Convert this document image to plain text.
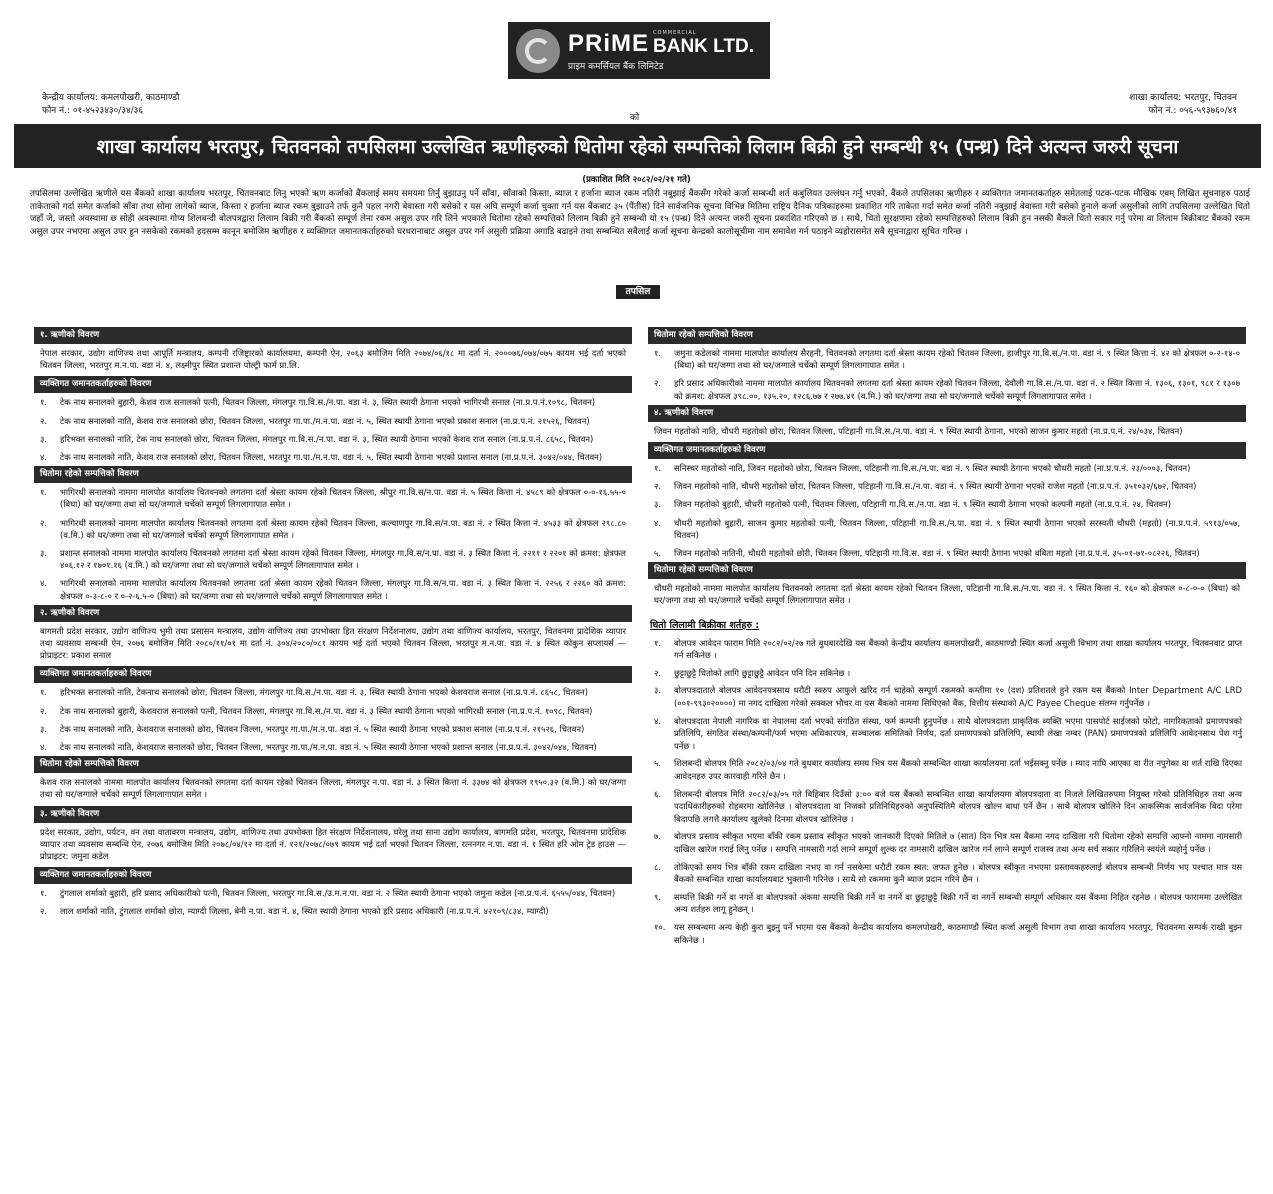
PRiME COMMERCIAL
BANK LTD.
प्राइम कमर्सियल बैंक लिमिटेड
केन्द्रीय कार्यालय: कमलपोखरी, काठमाण्डौ
फोन नं.: ०१-४५२३४३०/३४/३६
शाखा कार्यालय: भरतपुर, चितवन
फोन नं.: ०५६-५९३७६०/४१
को
शाखा कार्यालय भरतपुर, चितवनको तपसिलमा उल्लेखित ऋणीहरुको धितोमा रहेको सम्पत्तिको लिलाम बिक्री हुने सम्बन्धी १५ (पन्ध्र) दिने अत्यन्त जरुरी सूचना
(प्रकाशित मिति २०८२/०२/२१ गते)
तपसिलमा उल्लेखित ऋणीले यस बैंकको शाखा कार्यालय भरतपुर, चितवनबाट लिनु भएको ऋण कर्जाको बैंकलाई समय समयमा तिर्नु बुझाउनु पर्ने साँवा, साँवाको किस्ता, ब्याज र हर्जाना ब्याज रकम नतिरी नबुझाई बैंकसँग गरेको कर्जा सम्बन्धी शर्त कबुलियत उल्लंघन गर्नु भएको, बैंकले तपसिलका ऋणीहरु र व्यक्तिगत जमानतकर्ताहरु समेतलाई पटक-पटक मौखिक एवम् लिखित सूचनाहरु पठाई ताकेताको गर्दा समेत कर्जाको साँवा तथा सोमा लागेको ब्याज, किस्ता र हर्जाना ब्याज रकम बुझाउने तर्फ कुनै पहल नगरी बेवास्ता गरी बसेको र यस अघि सम्पूर्ण कर्जा चुक्ता गर्न यस बैंकबाट ३५ (पैंतीस) दिने सार्वजनिक सूचना विभिन्न मितिमा राष्ट्रिय दैनिक पत्रिकाहरुमा प्रकाशित गरि ताकेता गर्दा समेत कर्जा नतिरी नबुझाई बेवास्ता गरी बसेको हुनाले कर्जा असुलीको लागि तपसिलमा उल्लेखित धितो जहाँ जे, जस्तो अवस्थामा छ सोही अवस्थामा गोप्य शिलबन्दी बोलपत्रद्वारा लिलाम बिक्री गरी बैंकको सम्पूर्ण लेना रकम असुल उपर गरि लिने भएकाले धितोमा रहेको सम्पत्तिको लिलाम बिक्री हुने सम्बन्धी यो १५ (पन्ध्र) दिने अत्यन्त जरुरी सूचना प्रकाशित गरिएको छ । साथै, धितो सुरक्षणमा रहेको सम्पत्तिहरुको लिलाम बिक्री हुन नसकी बैंकले धितो सकार गर्नु परेमा वा लिलाम बिक्रीबाट बैंकको रकम असुल उपर नभएमा असुल उपर हुन नसकेको रकमको हदसम्म कानून बमोजिम ऋणीहरु र व्यक्तिगत जमानतकर्ताहरुको घरधरानाबाट असुल उपर गर्न असुली प्रक्रिया अगाडि बढाइने तथा सम्बन्धित सबैलाई कर्जा सूचना केन्द्रको कालोसूचीमा नाम समावेश गर्न पठाइने व्यहोरासमेत सबै सूचनाद्वारा सूचित गरिन्छ ।
तपसिल
१. ऋणीको विवरण
नेपाल सरकार, उद्योग वाणिज्य तथा आपूर्ति मन्त्रालय, कम्पनी रजिष्ट्रारको कार्यालयमा, कम्पनी ऐन, २०६३ बमोजिम मिति २०७४/०६/१८ मा दर्ता नं. २०००७६/०७४/०७५ कायम भई दर्ता भएको चितवन जिल्ला, भरतपुर म.न.पा. वडा नं. ४, लक्ष्मीपुर स्थित प्रशान्त पोल्ट्री फार्म प्रा.लि.
व्यक्तिगत जमानतकर्ताहरुको विवरण
१. टेक नाथ सनालको बुहारी, केशव राज सनालको पत्नी, चितवन जिल्ला, मंगलपुर गा.वि.स./न.पा. वडा नं. ३, स्थित स्थायी ठेगाना भएको भागिरथी सनाल (ना.प्र.प.नं.१०९८, चितवन)
२. टेक नाथ सनालको नाति, केशव राज सनालको छोरा, चितवन जिल्ला, भरतपुर गा.पा./म.न.पा. वडा नं. ५, स्थित स्थायी ठेगाना भएको प्रकाश सनाल (ना.प्र.प.नं. २१५२६, चितवन)
३. हरिभक्त सनालको नाति, टेक नाथ सनालको छोरा, चितवन जिल्ला, मंगलपुर गा.वि.स./न.पा. वडा नं. ३, स्थित स्थायी ठेगाना भएको केशव राज सनाल (ना.प्र.प.नं. ८६५८, चितवन)
४. टेक नाथ सनालको नाति, केशव राज सनालको छोरा, चितवन जिल्ला, भरतपुर गा.पा./म.न.पा. वडा नं. ५, स्थित स्थायी ठेगाना भएको प्रशान्त सनाल (ना.प्र.प.नं. ३०४२/०४४, चितवन)
धितोमा रहेको सम्पत्तिको विवरण
१. भागिरथी सनालको नाममा मालपोत कार्यालय चितवनको लगतमा दर्ता श्रेस्ता कायम रहेको चितवन जिल्ला, श्रीपुर गा.वि.स/न.पा. वडा नं. ५ स्थित कित्ता नं. ४५८९ को क्षेत्रफल ०-०-१६.५५-० (बिघा) को घर/जग्गा तथा सो घर/जग्गाले चर्चेको सम्पूर्ण लिगलागापात समेत ।
२. भागिरथी सनालको नाममा मालपोत कार्यालय चितवनको लगतमा दर्ता श्रेस्ता कायम रहेको चितवन जिल्ला, कल्याणपुर गा.वि.स/न.पा. वडा नं. २ स्थित कित्ता नं. ४५३३ को क्षेत्रफल २९८.८० (व.मि.) को घर/जग्गा तथा सो घर/जग्गाले चर्चेको सम्पूर्ण लिगलागापात समेत ।
३. प्रशान्त सनालको नाममा मालपोत कार्यालय चितवनको लगतमा दर्ता श्रेस्ता कायम रहेको चितवन जिल्ला, मंगलपुर गा.वि.स/न.पा. वडा नं. ३ स्थित कित्ता नं. २२११ र २२०१ को क्रमश: क्षेत्रफल ४०६.१२ र १७०१.१६ (व.मि.) को घर/जग्गा तथा सो घर/जग्गाले चर्चेको सम्पूर्ण लिगलागापात समेत ।
४. भागिरथी सनालको नाममा मालपोत कार्यालय चितवनको लगतमा दर्ता श्रेस्ता कायम रहेको चितवन जिल्ला, मंगलपुर गा.वि.स/न.पा. वडा नं. ३ स्थित कित्ता नं. २२५६ र २२६० को क्रमश: क्षेत्रफल ०-३-८-० र ०-२-६.५-० (बिघा) को घर/जग्गा तथा सो घर/जग्गाले चर्चेको सम्पूर्ण लिगलागापात समेत ।
२. ऋणीको विवरण
बागमती प्रदेश सरकार, उद्योग वाणिज्य भुमी तथा प्रसासन मन्त्रालय, उद्योग वाणिज्य तथा उपभोक्ता हित संरक्षण निर्देशनालय, उद्योग तथा वाणिज्य कार्यालय, भरतपुर, चितवनमा प्रादेशिक व्यापार तथा व्यवसाय सम्बन्धी ऐन, २०७६ बमोजिम मिति २०८०/११/०१ मा दर्ता नं. ३०४/२०८०/०८१ कायम भई दर्ता भएको चितवन जिल्ला, भरतपुर म.न.पा. वडा नं. ४ स्थित कोकुन सप्लायर्स — प्रोप्राइटर: प्रकाश सनाल
व्यक्तिगत जमानतकर्ताहरुको विवरण
१. हरिभक्त सनालको नाति, टेकनाथ सनालको छोरा, चितवन जिल्ला, मंगलपुर गा.वि.स./न.पा. वडा नं. ३, स्थित स्थायी ठेगाना भएको केशवराज सनाल (ना.प्र.प.नं. ८६५८, चितवन)
२. टेक नाथ सनालको बुहारी, केशवराज सनालको पत्नी, चितवन जिल्ला, मंगलपुर गा.वि.स./न.पा. वडा नं. ३ स्थित स्थायी ठेगाना भएको भागिरथी सनाल (ना.प्र.प.नं. १०९८, चितवन)
३. टेक नाथ सनालको नाति, केशवराज सनालको छोरा, चितवन जिल्ला, भरतपुर गा.पा./म.न.पा. वडा नं. ५ स्थित स्थायी ठेगाना भएको प्रकाश सनाल (ना.प्र.प.नं. २१५२६, चितवन)
४. टेक नाथ सनालको नाति, केशवराज सनालको छोरा, चितवन जिल्ला, भरतपुर गा.पा./म.न.पा. वडा नं. ५ स्थित स्थायी ठेगाना भएको प्रशान्त सनाल (ना.प्र.प.नं. ३०४२/०४४, चितवन)
धितोमा रहेको सम्पत्तिको विवरण
केशव राज सनालको नाममा मालपोत कार्यालय चितवनको लगतमा दर्ता कायम रहेको चितवन जिल्ला, मंगलपुर न.पा. वडा नं. ३ स्थित कित्ता नं. ३३७४ को क्षेत्रफल १९५०.३२ (व.मि.) को घर/जग्गा तथा सो घर/जग्गाले चर्चेको सम्पूर्ण लिगलागापात समेत ।
३. ऋणीको विवरण
प्रदेश सरकार, उद्योग, पर्यटन, वन तथा वातावरण मन्त्रालय, उद्योग, वाणिज्य तथा उपभोक्ता हित संरक्षण निर्देशनालय, घरेलु तथा साना उद्योग कार्यालय, बागमति प्रदेश, भरतपुर, चितवनमा प्रादेशिक व्यापार तथा व्यवसाय सम्बन्धि ऐन, २०७६ बमोजिम मिति २०७८/०४/१२ मा दर्ता नं. १२१/२०७८/०७९ कायम भई दर्ता भएको चितवन जिल्ला, रत्ननगर न.पा. वडा नं. १ स्थित हरि ओम ट्रेड हाउस — प्रोप्राइटर: जमुना कडेल
व्यक्तिगत जमानतकर्ताहरुको विवरण
१. टुंगलाल शर्माको बुहारी, हरि प्रसाद अधिकारीको पत्नी, चितवन जिल्ला, भरतपुर गा.वि.स./उ.म.न.पा. वडा नं. २ स्थित स्थायी ठेगाना भएको जमुना कडेल (ना.प्र.प.नं. ६५५५/०४४, चितवन)
२. लाल शर्माको नाति, टुंगलाल शर्माको छोरा, म्याग्दी जिल्ला, बेनी न.पा. वडा नं. ४, स्थित स्थायी ठेगाना भएको हरि प्रसाद अधिकारी (ना.प्र.प.नं. ४२१०९/८३४, म्याग्दी)
धितोमा रहेको सम्पत्तिको विवरण
१. जमुना कडेलको नाममा मालपोत कार्यालय सैरहनी, चितवनको लगतमा दर्ता श्रेस्ता कायम रहेको चितवन जिल्ला, हाजीपुर गा.वि.स./न.पा. वडा नं. ९ स्थित कित्ता नं. ४२ को क्षेत्रफल ०-२-१४-० (बिघा) को घर/जग्गा तथा सो घर/जग्गाले चर्चेको सम्पूर्ण लिगलागापात समेत ।
२. हरि प्रसाद अधिकारीको नाममा मालपोत कार्यालय चितवनको लगतमा दर्ता श्रेस्ता कायम रहेको चितवन जिल्ला, देवौली गा.वि.स./न.पा. वडा नं. २ स्थित कित्ता नं. १३०६, १३०१, ९८१ र १३०७ को क्रमश: क्षेत्रफल ३९८.००, १३५.२०, १२८६.७७ र २७७.४१ (व.मि.) को घर/जग्गा तथा सो घर/जग्गाले चर्चेको सम्पूर्ण लिगलागापात समेत ।
४. ऋणीको विवरण
जिवन महतोको नाति, चौधरी महतोको छोरा, चितवन जिल्ला, पटिहानी गा.वि.स./न.पा. वडा नं. ९ स्थित स्थायी ठेगाना, भएको साजन कुमार महतो (ना.प्र.प.नं. २४/०३४, चितवन)
व्यक्तिगत जमानतकर्ताहरुको विवरण
१. सनिस्चर महतोको नाति, जिवन महतोको छोरा, चितवन जिल्ला, पटिहानी गा.वि.स./न.पा. वडा नं. ९ स्थित स्थायी ठेगाना भएको चौधरी महतो (ना.प्र.प.नं. २३/०००३, चितवन)
२. जिवन महतोको नाति, चौधरी महतोको छोरा, चितवन जिल्ला, पटिहानी गा.वि.स./न.पा. वडा नं. ९ स्थित स्थायी ठेगाना भएको राजेश महतो (ना.प्र.प.नं. ३५१०३२/६७२, चितवन)
३. जिवन महतोको बुहारी, चौधरी महतोको पत्नी, चितवन जिल्ला, पटिहानी गा.वि.स./न.पा. वडा नं. ९ स्थित स्थायी ठेगाना भएको कल्पनी महतो (ना.प्र.प.नं. २४, चितवन)
४. चौधरी महतोको बुहारी, साजन कुमार महतोको पत्नी, चितवन जिल्ला, पटिहानी गा.वि.स./न.पा. वडा नं. ९ स्थित स्थायी ठेगाना भएको सरस्वती चौधरी (महतो) (ना.प्र.प.नं. ५९१३/०५७, चितवन)
५. जिवन महतोको नातिनी, चौधरी महतोको छोरी, चितवन जिल्ला, पटिहानी गा.वि.स. वडा नं. ९ स्थित स्थायी ठेगाना भएको बबिता महतो (ना.प्र.प.नं. ३५-०१-७१-०८२२६, चितवन)
धितोमा रहेको सम्पत्तिको विवरण
चौधरी महतोको नाममा मालपोत कार्यालय चितवनको लगतमा दर्ता श्रेस्ता कायम रहेको चितवन जिल्ला, पटिहानी गा.वि.स./न.पा. वडा नं. ९ स्थित कित्ता नं. १६० को क्षेत्रफल ०-८-०-० (बिघा) को घर/जग्गा तथा सो घर/जग्गाले चर्चेको सम्पूर्ण लिगलागापात समेत ।
धितो लिलामी बिक्रीका शर्तहरु :
१. बोलपत्र आवेदन फाराम मिति २०८२/०२/२७ गते बुधबारदेखि यस बैंकको केन्द्रीय कार्यालय कमलपोखरी, काठमाण्डौ स्थित कर्जा असुली विभाग तथा शाखा कार्यालय भरतपुर, चितवनबाट प्राप्त गर्न सकिनेछ ।
२. छुट्टाछुट्टै धितोको लागि छुट्टाछुट्टै आवेदन पनि दिन सकिनेछ ।
३. बोलपत्रदाताले बोलपत्र आवेदनपत्रसाथ धरौटी स्वरुप आफुले खरिद गर्न चाहेको सम्पूर्ण रकमको कम्तीमा १० (दश) प्रतिशतले हुने रकम यस बैंकको Inter Department A/C LRD (००१-९९३०२००००) मा नगद दाखिला गरेको सक्कल भौचर वा यस बैंकको नाममा सिधिएको बैंक, वित्तीय संस्थाको A/C Payee Cheque संलग्न गर्नुपर्नेछ ।
४. बोलपत्रदाता नेपाली नागरिक वा नेपालमा दर्ता भएको संगठित संस्था, फर्म कम्पनी हुनुपर्नेछ । साथै बोलपत्रदाता प्राकृतिक व्यक्ति भएमा पासपोर्ट साईजको फोटो, नागरिकताको प्रमाणपत्रको प्रतिलिपि, संगठित संस्था/कम्पनी/फर्म भएमा अधिकारपत्र, सञ्चालक समितिको निर्णय, दर्ता प्रमाणपत्रको प्रतिलिपि, स्थायी लेखा नम्बर (PAN) प्रमाणपत्रको प्रतिलिपि आवेदनसाथ पेश गर्नु पर्नेछ ।
५. शिलबन्दी बोलपत्र मिति २०८२/०३/०४ गते बुधबार कार्यालय समय भित्र यस बैंकको सम्बन्धित शाखा कार्यालयमा दर्ता भईसक्नु पर्नेछ । म्याद नाघि आएका वा रीत नपुगेका वा शर्त राखि दिएका आवेदनहरु उपर कारवाही गरिने छैन ।
६. शिलबन्दी बोलपत्र मिति २०८२/०३/०५ गते बिहिबार दिउँसो ३:०० बजे यस बैंकको सम्बन्धित शाखा कार्यालयमा बोलपत्रदाता वा निजले लिखितरुपमा नियुक्त गरेको प्रतिनिधिहरु तथा अन्य पदाधिकारीहरुको रोहबरमा खोलिनेछ । बोलपत्रदाता वा निजको प्रतिनिधिहरुको अनुपस्थितिमै बोलपत्र खोल्न बाधा पर्ने छैन । साथै बोलपत्र खोलिने दिन आकस्मिक सार्वजनिक बिदा परेमा बिदापछि लगत्तै कार्यालय खुलेको दिनमा बोलपत्र खोलिनेछ ।
७. बोलपत्र प्रस्ताव स्वीकृत भएमा बाँकी रकम प्रस्ताव स्वीकृत भएको जानकारी दिएको मितिले ७ (सात) दिन भित्र यस बैंकमा नगद दाखिला गरी धितोमा रहेको सम्पत्ति आफ्नो नाममा नामसारी दाखिल खारेज गराई लिनु पर्नेछ । सम्पत्ति नामसारी गर्दा लाग्ने सम्पूर्ण शुल्क दर नामसारी दाखिल खारेज गर्न लाग्ने सम्पूर्ण राजस्व तथा अन्य सर्च सकार गरिलिने स्वयंले व्यहोर्नु पर्नेछ ।
८. तोकिएको समय भित्र बाँकी रकम दाखिला नभए वा गर्न नसकेमा धरौटी रकम स्वत: जफत हुनेछ । बोलपत्र स्वीकृत नभएमा प्रस्तावकहरुलाई बोलपत्र सम्बन्धी निर्णय भए पश्चात मात्र यस बैंकको सम्बन्धित शाखा कार्यालयबाट भुक्तानी गरिनेछ । साथै सो रकममा कुनै ब्याज प्रदान गरिने छैन ।
९. सम्पत्ति बिक्री गर्ने वा नगर्ने वा बोलपत्रको अंकमा सम्पत्ति बिक्री गर्ने वा नगर्ने वा छुट्टाछुट्टै बिक्री गर्ने वा नगर्ने सम्बन्धी सम्पूर्ण अधिकार यस बैंकमा निहित रहनेछ । बोलपत्र फाराममा उल्लेखित अन्य शर्तहरु लागू हुनेछन् ।
१०. यस सम्बन्धमा अन्य केही कुरा बुझ्नु पर्ने भएमा यस बैंकको केन्द्रीय कार्यालय कमलपोखरी, काठमाण्डौ स्थित कर्जा असुली विभाग तथा शाखा कार्यालय भरतपुर, चितवनमा सम्पर्क राखी बुझ्न सकिनेछ ।
